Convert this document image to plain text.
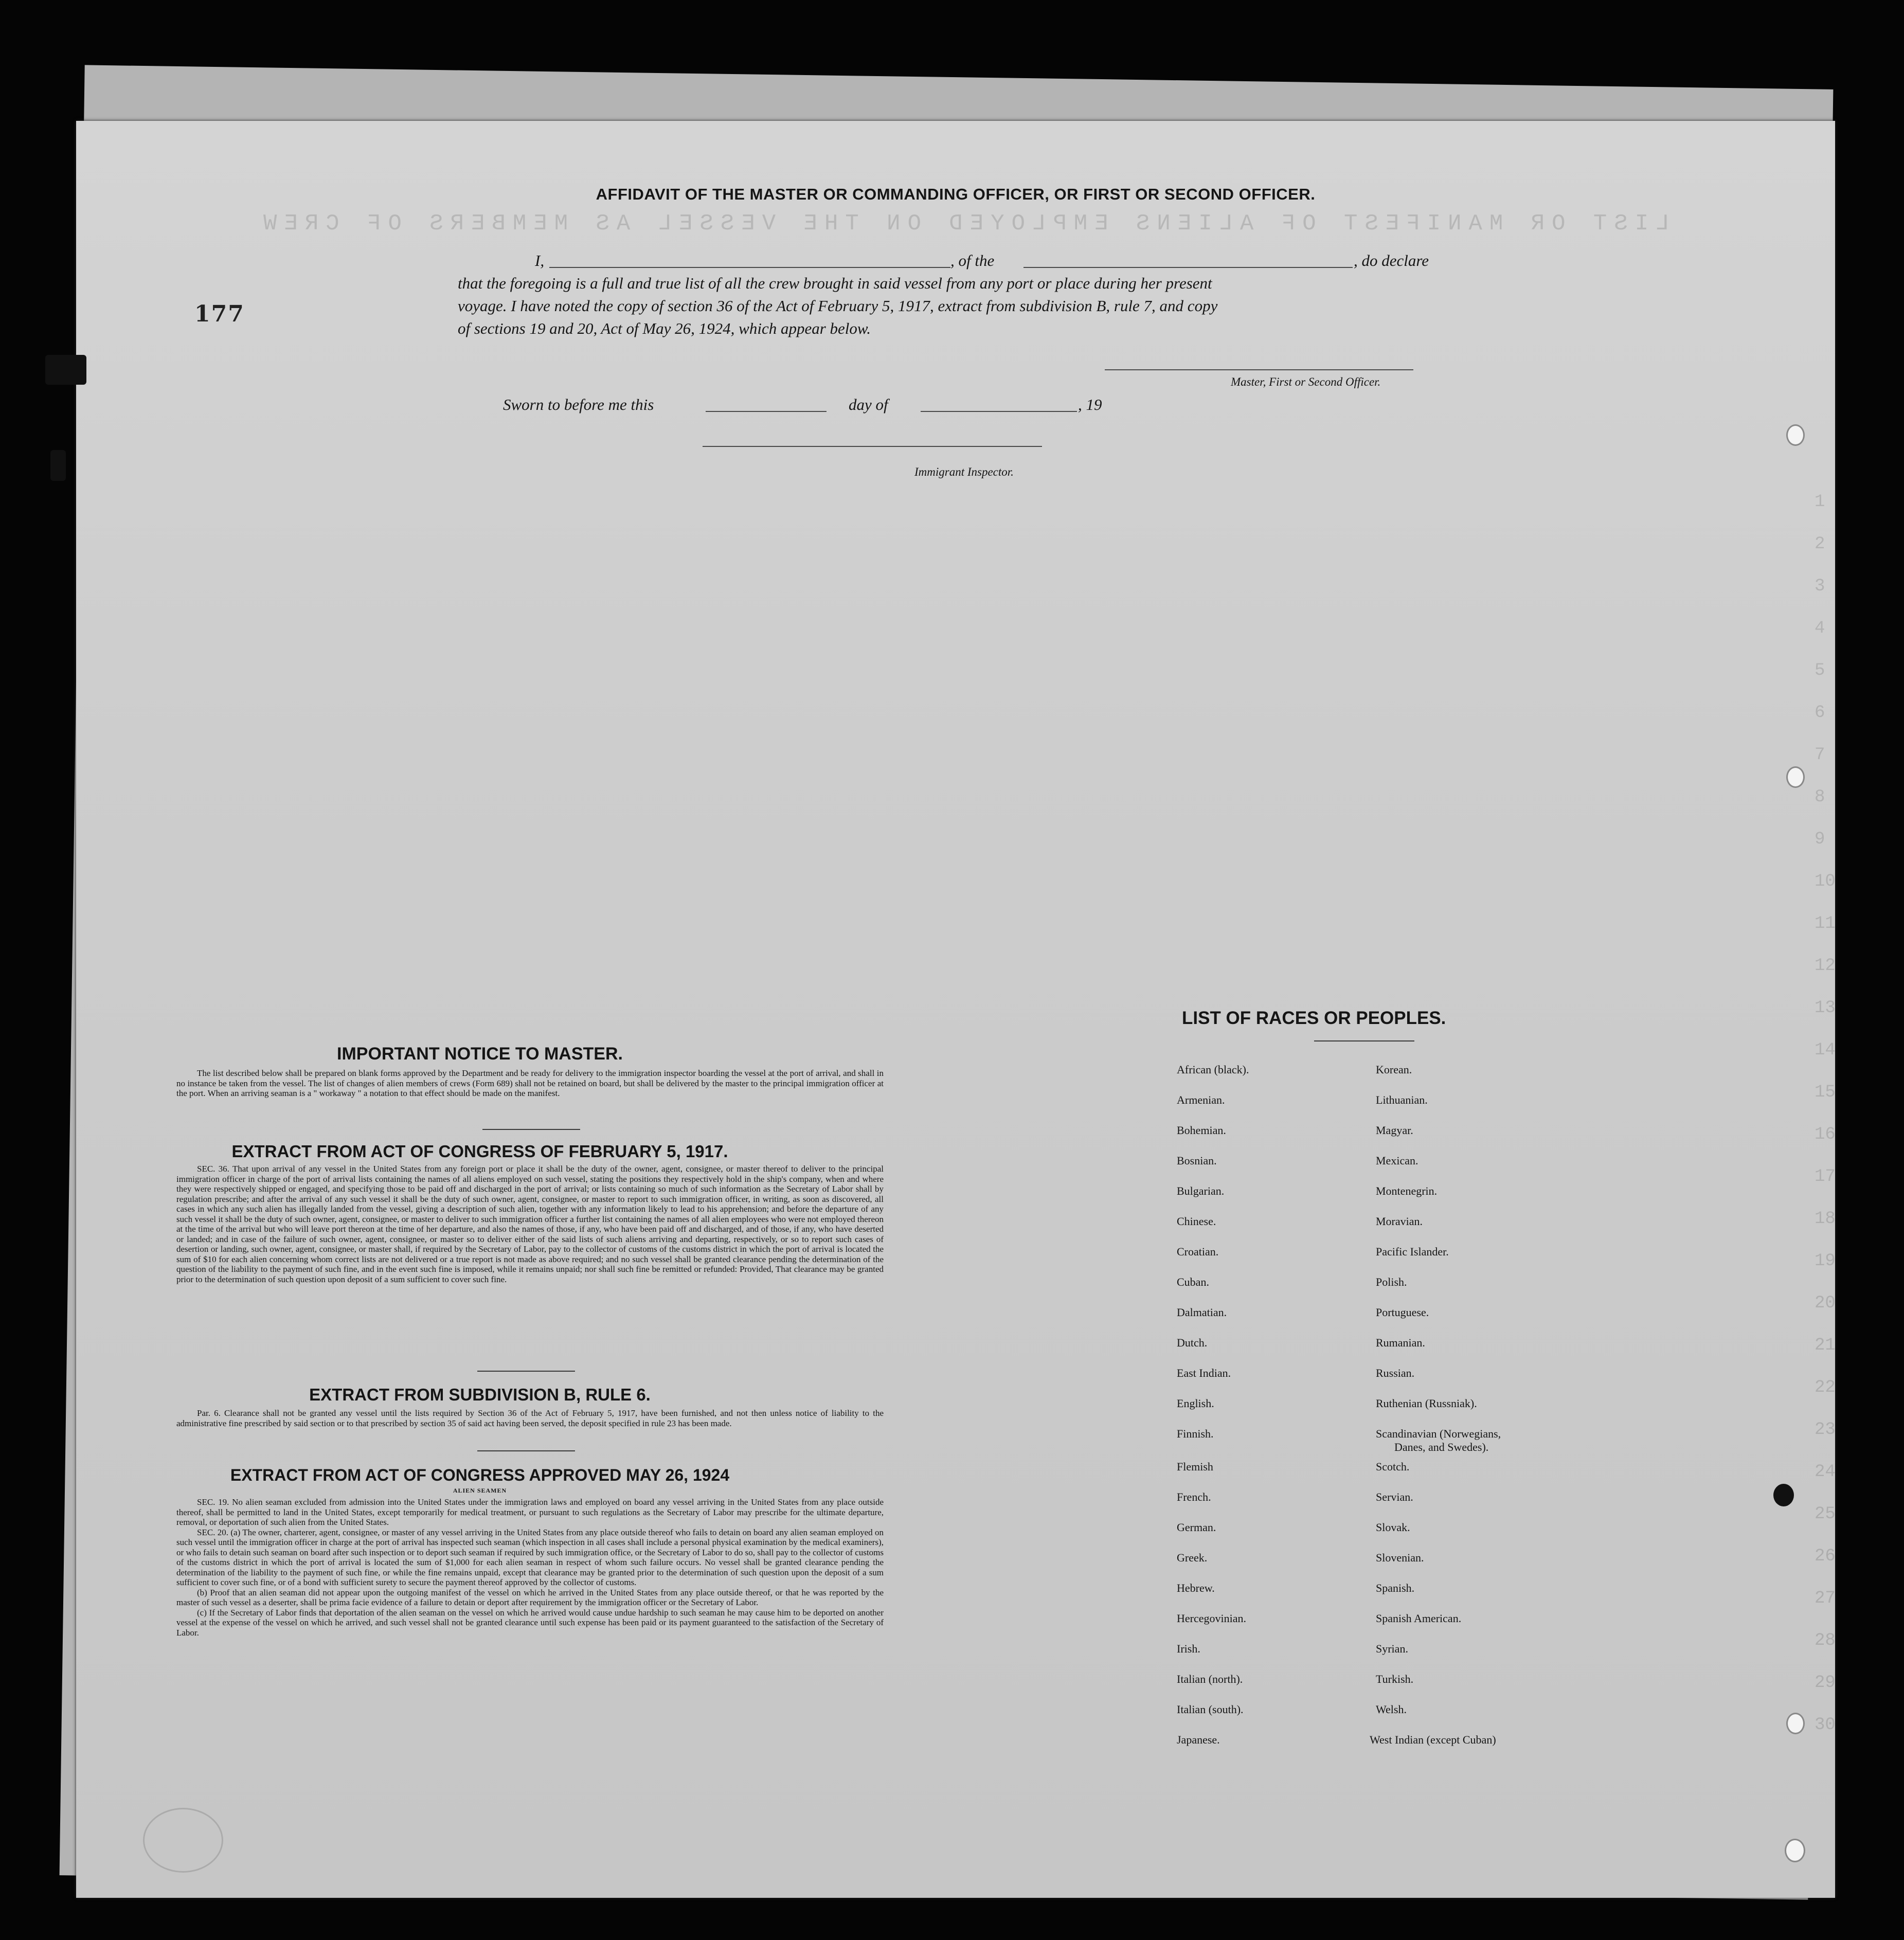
LIST OR MANIFEST OF ALIENS EMPLOYED ON THE VESSEL AS MEMBERS OF CREW
1
2
3
4
5
6
7
8
9
10
11
12
13
14
15
16
17
18
19
20
21
22
23
24
25
26
27
28
29
30
177
AFFIDAVIT OF THE MASTER OR COMMANDING OFFICER, OR FIRST OR SECOND OFFICER.
I,	, of the	, do declare
that the foregoing is a full and true list of all the crew brought in said vessel from any port or place during her present
voyage. I have noted the copy of section 36 of the Act of February 5, 1917, extract from subdivision B, rule 7, and copy
of sections 19 and 20, Act of May 26, 1924, which appear below.
Master, First or Second Officer.
Sworn to before me this	day of	, 19
Immigrant Inspector.
IMPORTANT NOTICE TO MASTER.
The list described below shall be prepared on blank forms approved by the Department and be ready for delivery to the immigration inspector boarding the vessel at the port of arrival, and shall in no instance be taken from the vessel. The list of changes of alien members of crews (Form 689) shall not be retained on board, but shall be delivered by the master to the principal immigration officer at the port. When an arriving seaman is a " workaway " a notation to that effect should be made on the manifest.
EXTRACT FROM ACT OF CONGRESS OF FEBRUARY 5, 1917.
SEC. 36. That upon arrival of any vessel in the United States from any foreign port or place it shall be the duty of the owner, agent, consignee, or master thereof to deliver to the principal immigration officer in charge of the port of arrival lists containing the names of all aliens employed on such vessel, stating the positions they respectively hold in the ship's company, when and where they were respectively shipped or engaged, and specifying those to be paid off and discharged in the port of arrival; or lists containing so much of such information as the Secretary of Labor shall by regulation prescribe; and after the arrival of any such vessel it shall be the duty of such owner, agent, consignee, or master to report to such immigration officer, in writing, as soon as discovered, all cases in which any such alien has illegally landed from the vessel, giving a description of such alien, together with any information likely to lead to his apprehension; and before the departure of any such vessel it shall be the duty of such owner, agent, consignee, or master to deliver to such immigration officer a further list containing the names of all alien employees who were not employed thereon at the time of the arrival but who will leave port thereon at the time of her departure, and also the names of those, if any, who have been paid off and discharged, and of those, if any, who have deserted or landed; and in case of the failure of such owner, agent, consignee, or master so to deliver either of the said lists of such aliens arriving and departing, respectively, or so to report such cases of desertion or landing, such owner, agent, consignee, or master shall, if required by the Secretary of Labor, pay to the collector of customs of the customs district in which the port of arrival is located the sum of $10 for each alien concerning whom correct lists are not delivered or a true report is not made as above required; and no such vessel shall be granted clearance pending the determination of the question of the liability to the payment of such fine, and in the event such fine is imposed, while it remains unpaid; nor shall such fine be remitted or refunded: Provided, That clearance may be granted prior to the determination of such question upon deposit of a sum sufficient to cover such fine.
EXTRACT FROM SUBDIVISION B, RULE 6.
Par. 6. Clearance shall not be granted any vessel until the lists required by Section 36 of the Act of February 5, 1917, have been furnished, and not then unless notice of liability to the administrative fine prescribed by said section or to that prescribed by section 35 of said act having been served, the deposit specified in rule 23 has been made.
EXTRACT FROM ACT OF CONGRESS APPROVED MAY 26, 1924
ALIEN SEAMEN
SEC. 19. No alien seaman excluded from admission into the United States under the immigration laws and employed on board any vessel arriving in the United States from any place outside thereof, shall be permitted to land in the United States, except temporarily for medical treatment, or pursuant to such regulations as the Secretary of Labor may prescribe for the ultimate departure, removal, or deportation of such alien from the United States.
SEC. 20. (a) The owner, charterer, agent, consignee, or master of any vessel arriving in the United States from any place outside thereof who fails to detain on board any alien seaman employed on such vessel until the immigration officer in charge at the port of arrival has inspected such seaman (which inspection in all cases shall include a personal physical examination by the medical examiners), or who fails to detain such seaman on board after such inspection or to deport such seaman if required by such immigration office, or the Secretary of Labor to do so, shall pay to the collector of customs of the customs district in which the port of arrival is located the sum of $1,000 for each alien seaman in respect of whom such failure occurs. No vessel shall be granted clearance pending the determination of the liability to the payment of such fine, or while the fine remains unpaid, except that clearance may be granted prior to the determination of such question upon the deposit of a sum sufficient to cover such fine, or of a bond with sufficient surety to secure the payment thereof approved by the collector of customs.
(b) Proof that an alien seaman did not appear upon the outgoing manifest of the vessel on which he arrived in the United States from any place outside thereof, or that he was reported by the master of such vessel as a deserter, shall be prima facie evidence of a failure to detain or deport after requirement by the immigration officer or the Secretary of Labor.
(c) If the Secretary of Labor finds that deportation of the alien seaman on the vessel on which he arrived would cause undue hardship to such seaman he may cause him to be deported on another vessel at the expense of the vessel on which he arrived, and such vessel shall not be granted clearance until such expense has been paid or its payment guaranteed to the satisfaction of the Secretary of Labor.
LIST OF RACES OR PEOPLES.
African (black).
Armenian.
Bohemian.
Bosnian.
Bulgarian.
Chinese.
Croatian.
Cuban.
Dalmatian.
Dutch.
East Indian.
English.
Finnish.
Flemish
French.
German.
Greek.
Hebrew.
Hercegovinian.
Irish.
Italian (north).
Italian (south).
Japanese.
Korean.
Lithuanian.
Magyar.
Mexican.
Montenegrin.
Moravian.
Pacific Islander.
Polish.
Portuguese.
Rumanian.
Russian.
Ruthenian (Russniak).
Scandinavian (Norwegians,
Danes, and Swedes).
Scotch.
Servian.
Slovak.
Slovenian.
Spanish.
Spanish American.
Syrian.
Turkish.
Welsh.
West Indian (except Cuban)
